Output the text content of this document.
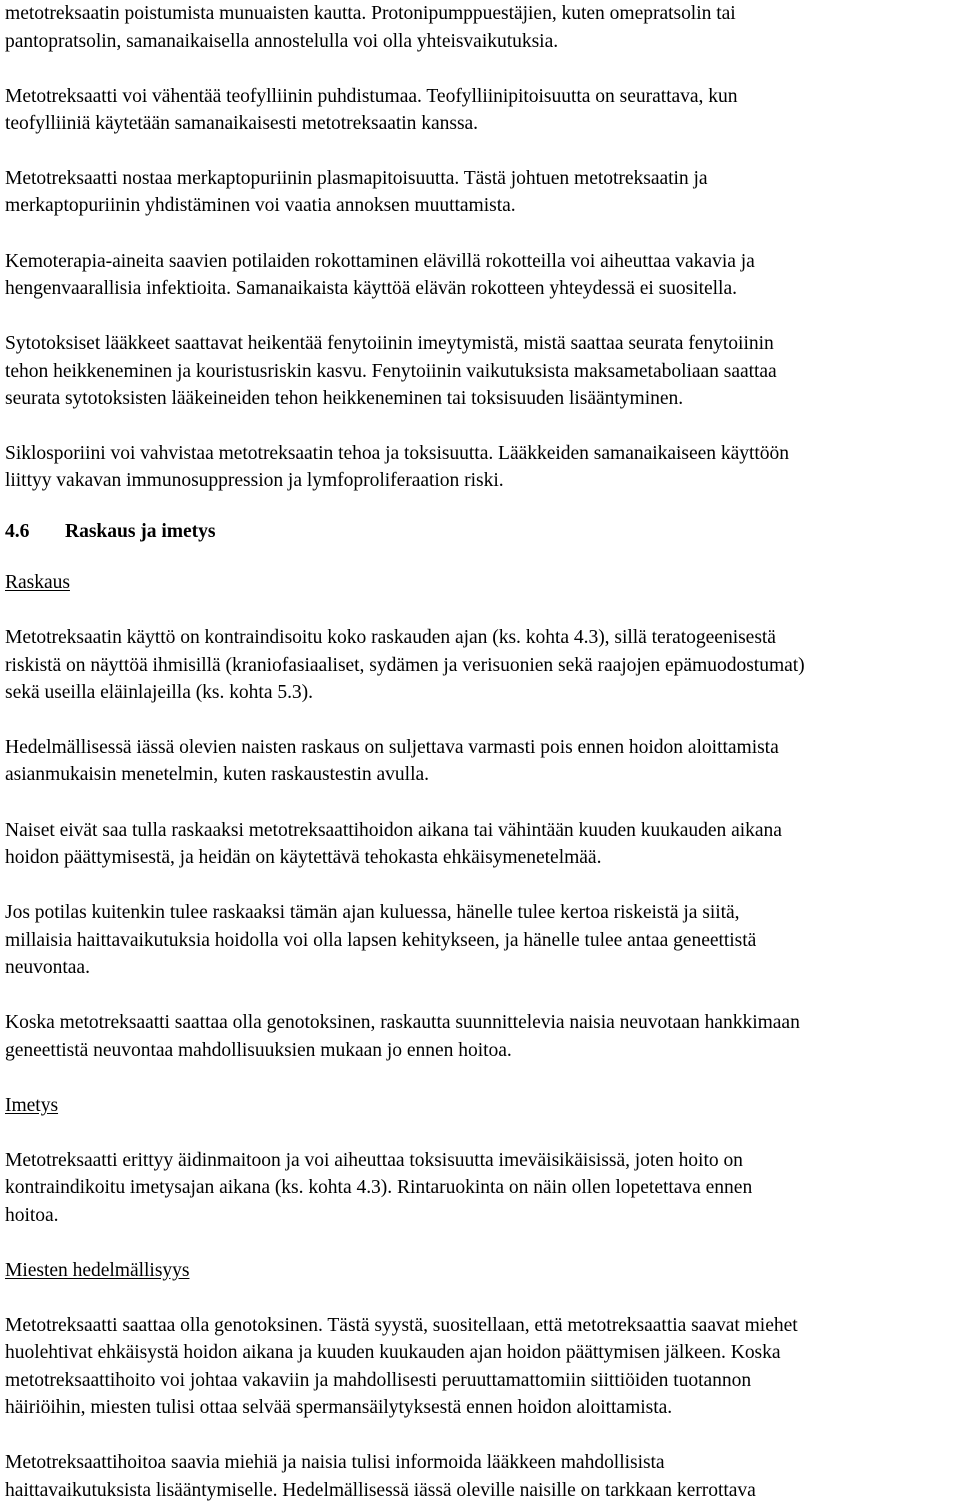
metotreksaatin poistumista munuaisten kautta. Protonipumppuestäjien, kuten omepratsolin tai
pantopratsolin, samanaikaisella annostelulla voi olla yhteisvaikutuksia.
Metotreksaatti voi vähentää teofylliinin puhdistumaa. Teofylliinipitoisuutta on seurattava, kun
teofylliiniä käytetään samanaikaisesti metotreksaatin kanssa.
Metotreksaatti nostaa merkaptopuriinin plasmapitoisuutta. Tästä johtuen metotreksaatin ja
merkaptopuriinin yhdistäminen voi vaatia annoksen muuttamista.
Kemoterapia-aineita saavien potilaiden rokottaminen elävillä rokotteilla voi aiheuttaa vakavia ja
hengenvaarallisia infektioita. Samanaikaista käyttöä elävän rokotteen yhteydessä ei suositella.
Sytotoksiset lääkkeet saattavat heikentää fenytoiinin imeytymistä, mistä saattaa seurata fenytoiinin
tehon heikkeneminen ja kouristusriskin kasvu. Fenytoiinin vaikutuksista maksametaboliaan saattaa
seurata sytotoksisten lääkeineiden tehon heikkeneminen tai toksisuuden lisääntyminen.
Siklosporiini voi vahvistaa metotreksaatin tehoa ja toksisuutta. Lääkkeiden samanaikaiseen käyttöön
liittyy vakavan immunosuppression ja lymfoproliferaation riski.
4.6 Raskaus ja imetys
Raskaus
Metotreksaatin käyttö on kontraindisoitu koko raskauden ajan (ks. kohta 4.3), sillä teratogeenisestä
riskistä on näyttöä ihmisillä (kraniofasiaaliset, sydämen ja verisuonien sekä raajojen epämuodostumat)
sekä useilla eläinlajeilla (ks. kohta 5.3).
Hedelmällisessä iässä olevien naisten raskaus on suljettava varmasti pois ennen hoidon aloittamista
asianmukaisin menetelmin, kuten raskaustestin avulla.
Naiset eivät saa tulla raskaaksi metotreksaattihoidon aikana tai vähintään kuuden kuukauden aikana
hoidon päättymisestä, ja heidän on käytettävä tehokasta ehkäisymenetelmää.
Jos potilas kuitenkin tulee raskaaksi tämän ajan kuluessa, hänelle tulee kertoa riskeistä ja siitä,
millaisia haittavaikutuksia hoidolla voi olla lapsen kehitykseen, ja hänelle tulee antaa geneettistä
neuvontaa.
Koska metotreksaatti saattaa olla genotoksinen, raskautta suunnittelevia naisia neuvotaan hankkimaan
geneettistä neuvontaa mahdollisuuksien mukaan jo ennen hoitoa.
Imetys
Metotreksaatti erittyy äidinmaitoon ja voi aiheuttaa toksisuutta imeväisikäisissä, joten hoito on
kontraindikoitu imetysajan aikana (ks. kohta 4.3). Rintaruokinta on näin ollen lopetettava ennen
hoitoa.
Miesten hedelmällisyys
Metotreksaatti saattaa olla genotoksinen. Tästä syystä, suositellaan, että metotreksaattia saavat miehet
huolehtivat ehkäisystä hoidon aikana ja kuuden kuukauden ajan hoidon päättymisen jälkeen. Koska
metotreksaattihoito voi johtaa vakaviin ja mahdollisesti peruuttamattomiin siittiöiden tuotannon
häiriöihin, miesten tulisi ottaa selvää spermansäilytyksestä ennen hoidon aloittamista.
Metotreksaattihoitoa saavia miehiä ja naisia tulisi informoida lääkkeen mahdollisista
haittavaikutuksista lisääntymiselle. Hedelmällisessä iässä oleville naisille on tarkkaan kerrottava
